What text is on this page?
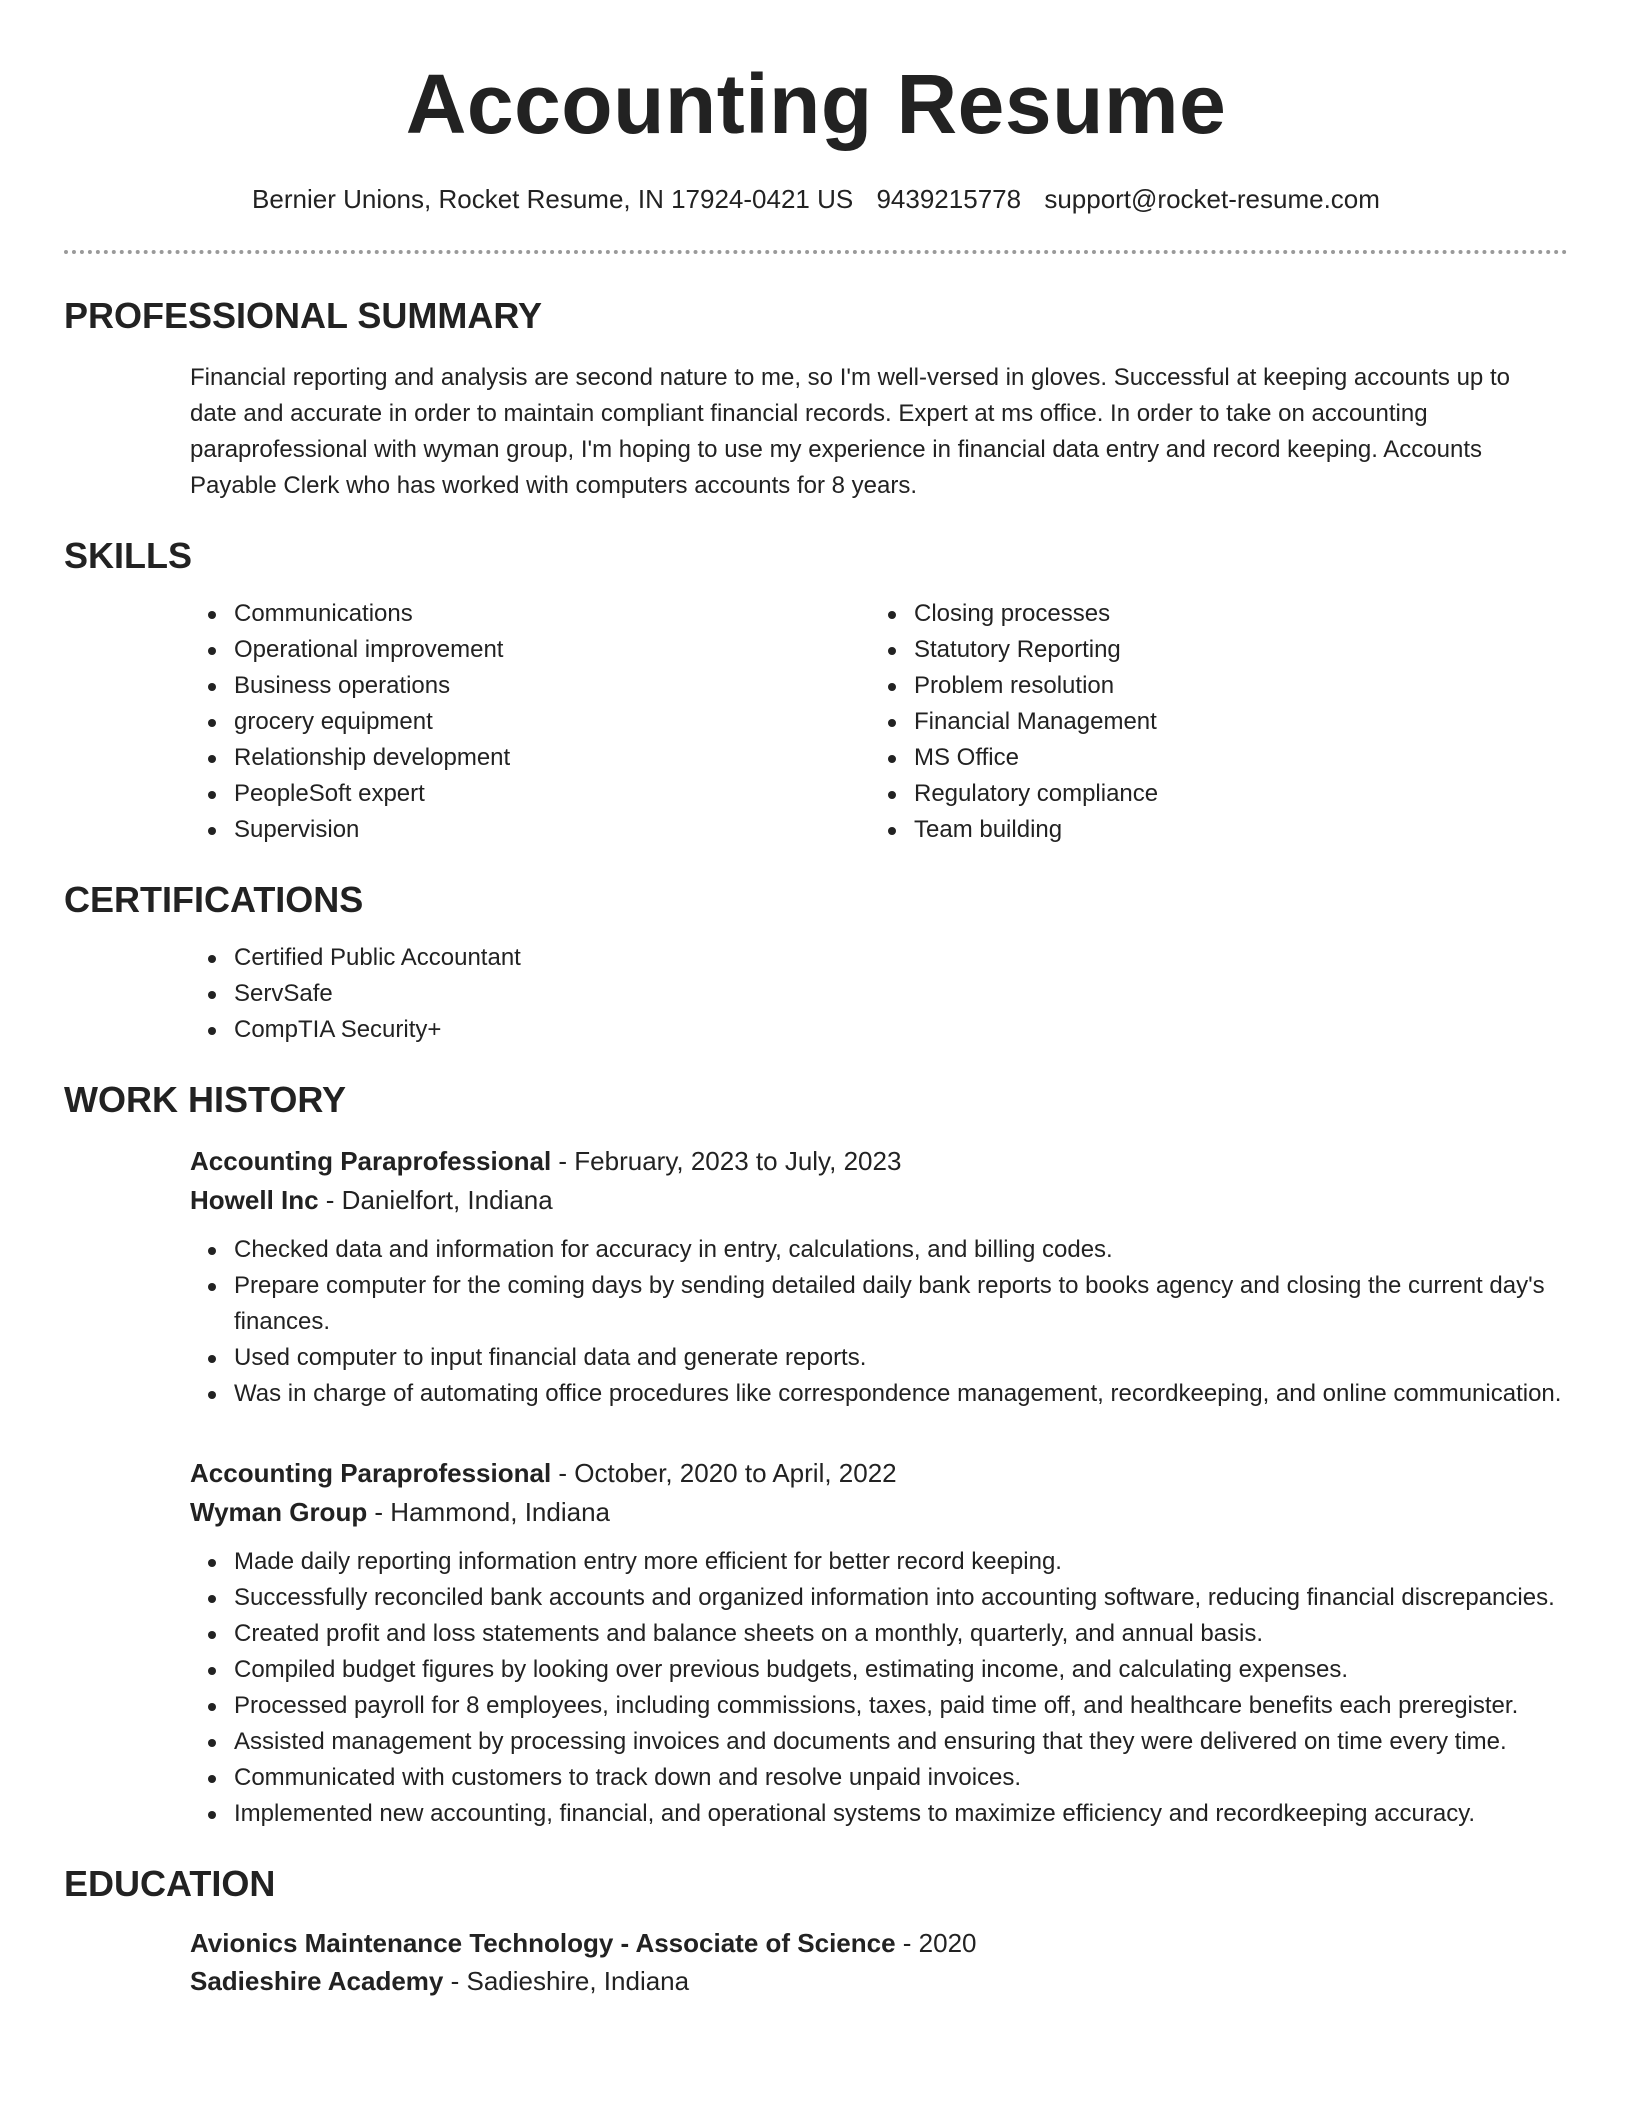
Accounting Resume
Bernier Unions, Rocket Resume, IN 17924-0421 US 9439215778 support@rocket-resume.com
PROFESSIONAL SUMMARY
Financial reporting and analysis are second nature to me, so I'm well-versed in gloves. Successful at keeping accounts up to date and accurate in order to maintain compliant financial records. Expert at ms office. In order to take on accounting paraprofessional with wyman group, I'm hoping to use my experience in financial data entry and record keeping. Accounts Payable Clerk who has worked with computers accounts for 8 years.
SKILLS
Communications
Operational improvement
Business operations
grocery equipment
Relationship development
PeopleSoft expert
Supervision
Closing processes
Statutory Reporting
Problem resolution
Financial Management
MS Office
Regulatory compliance
Team building
CERTIFICATIONS
Certified Public Accountant
ServSafe
CompTIA Security+
WORK HISTORY
Accounting Paraprofessional - February, 2023 to July, 2023
Howell Inc - Danielfort, Indiana
Checked data and information for accuracy in entry, calculations, and billing codes.
Prepare computer for the coming days by sending detailed daily bank reports to books agency and closing the current day's finances.
Used computer to input financial data and generate reports.
Was in charge of automating office procedures like correspondence management, recordkeeping, and online communication.
Accounting Paraprofessional - October, 2020 to April, 2022
Wyman Group - Hammond, Indiana
Made daily reporting information entry more efficient for better record keeping.
Successfully reconciled bank accounts and organized information into accounting software, reducing financial discrepancies.
Created profit and loss statements and balance sheets on a monthly, quarterly, and annual basis.
Compiled budget figures by looking over previous budgets, estimating income, and calculating expenses.
Processed payroll for 8 employees, including commissions, taxes, paid time off, and healthcare benefits each preregister.
Assisted management by processing invoices and documents and ensuring that they were delivered on time every time.
Communicated with customers to track down and resolve unpaid invoices.
Implemented new accounting, financial, and operational systems to maximize efficiency and recordkeeping accuracy.
EDUCATION
Avionics Maintenance Technology - Associate of Science - 2020
Sadieshire Academy - Sadieshire, Indiana
